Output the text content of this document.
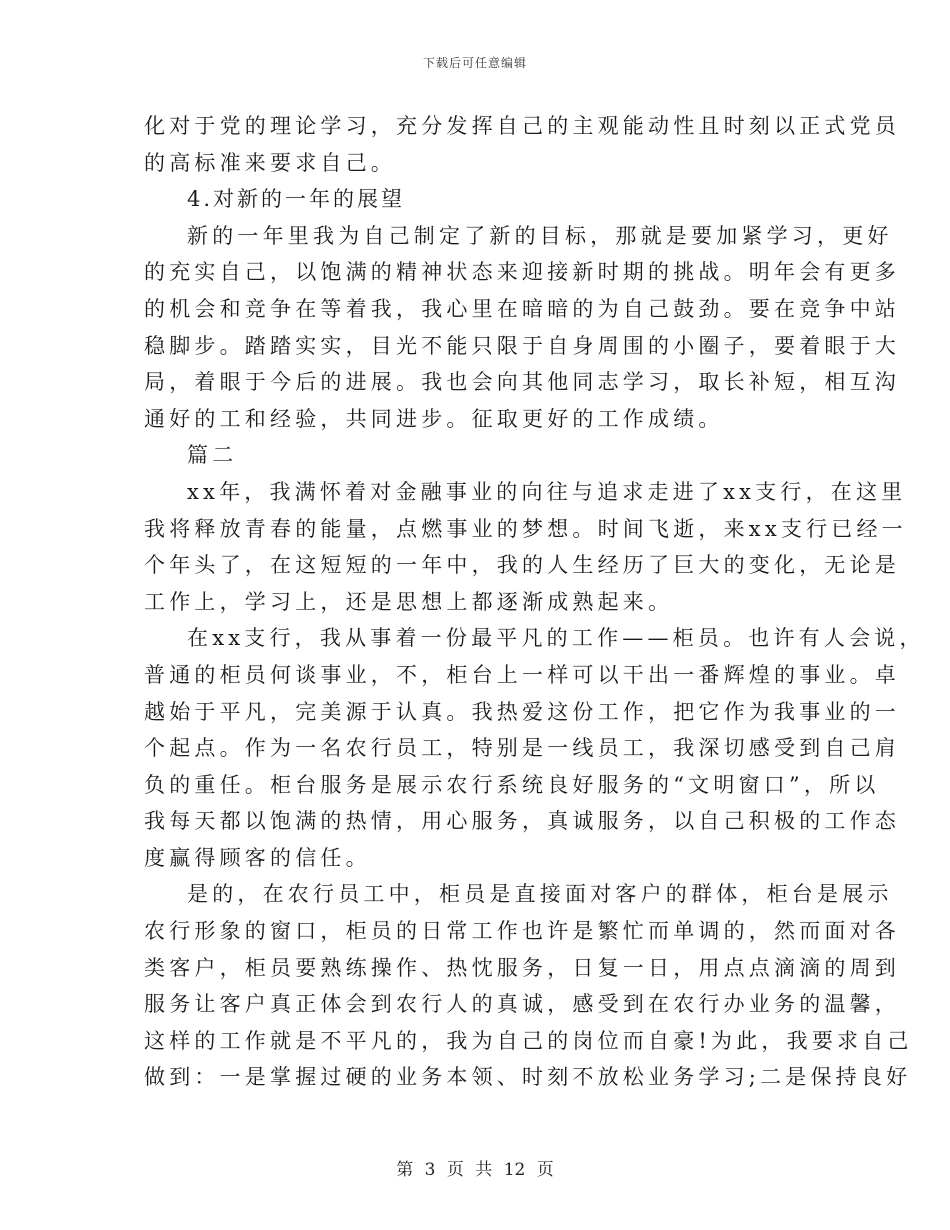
下载后可任意编辑
化对于党的理论学习，充分发挥自己的主观能动性且时刻以正式党员
的高标准来要求自己。
4.对新的一年的展望
新的一年里我为自己制定了新的目标，那就是要加紧学习，更好
的充实自己，以饱满的精神状态来迎接新时期的挑战。明年会有更多
的机会和竞争在等着我，我心里在暗暗的为自己鼓劲。要在竞争中站
稳脚步。踏踏实实，目光不能只限于自身周围的小圈子，要着眼于大
局，着眼于今后的进展。我也会向其他同志学习，取长补短，相互沟
通好的工和经验，共同进步。征取更好的工作成绩。
篇二
xx年，我满怀着对金融事业的向往与追求走进了xx支行，在这里
我将释放青春的能量，点燃事业的梦想。时间飞逝，来xx支行已经一
个年头了，在这短短的一年中，我的人生经历了巨大的变化，无论是
工作上，学习上，还是思想上都逐渐成熟起来。
在xx支行，我从事着一份最平凡的工作——柜员。也许有人会说，
普通的柜员何谈事业，不，柜台上一样可以干出一番辉煌的事业。卓
越始于平凡，完美源于认真。我热爱这份工作，把它作为我事业的一
个起点。作为一名农行员工，特别是一线员工，我深切感受到自己肩
负的重任。柜台服务是展示农行系统良好服务的“文明窗口”，所以
我每天都以饱满的热情，用心服务，真诚服务，以自己积极的工作态
度赢得顾客的信任。
是的，在农行员工中，柜员是直接面对客户的群体，柜台是展示
农行形象的窗口，柜员的日常工作也许是繁忙而单调的，然而面对各
类客户，柜员要熟练操作、热忱服务，日复一日，用点点滴滴的周到
服务让客户真正体会到农行人的真诚，感受到在农行办业务的温馨，
这样的工作就是不平凡的，我为自己的岗位而自豪!为此，我要求自己
做到：一是掌握过硬的业务本领、时刻不放松业务学习;二是保持良好
第 3 页 共 12 页
